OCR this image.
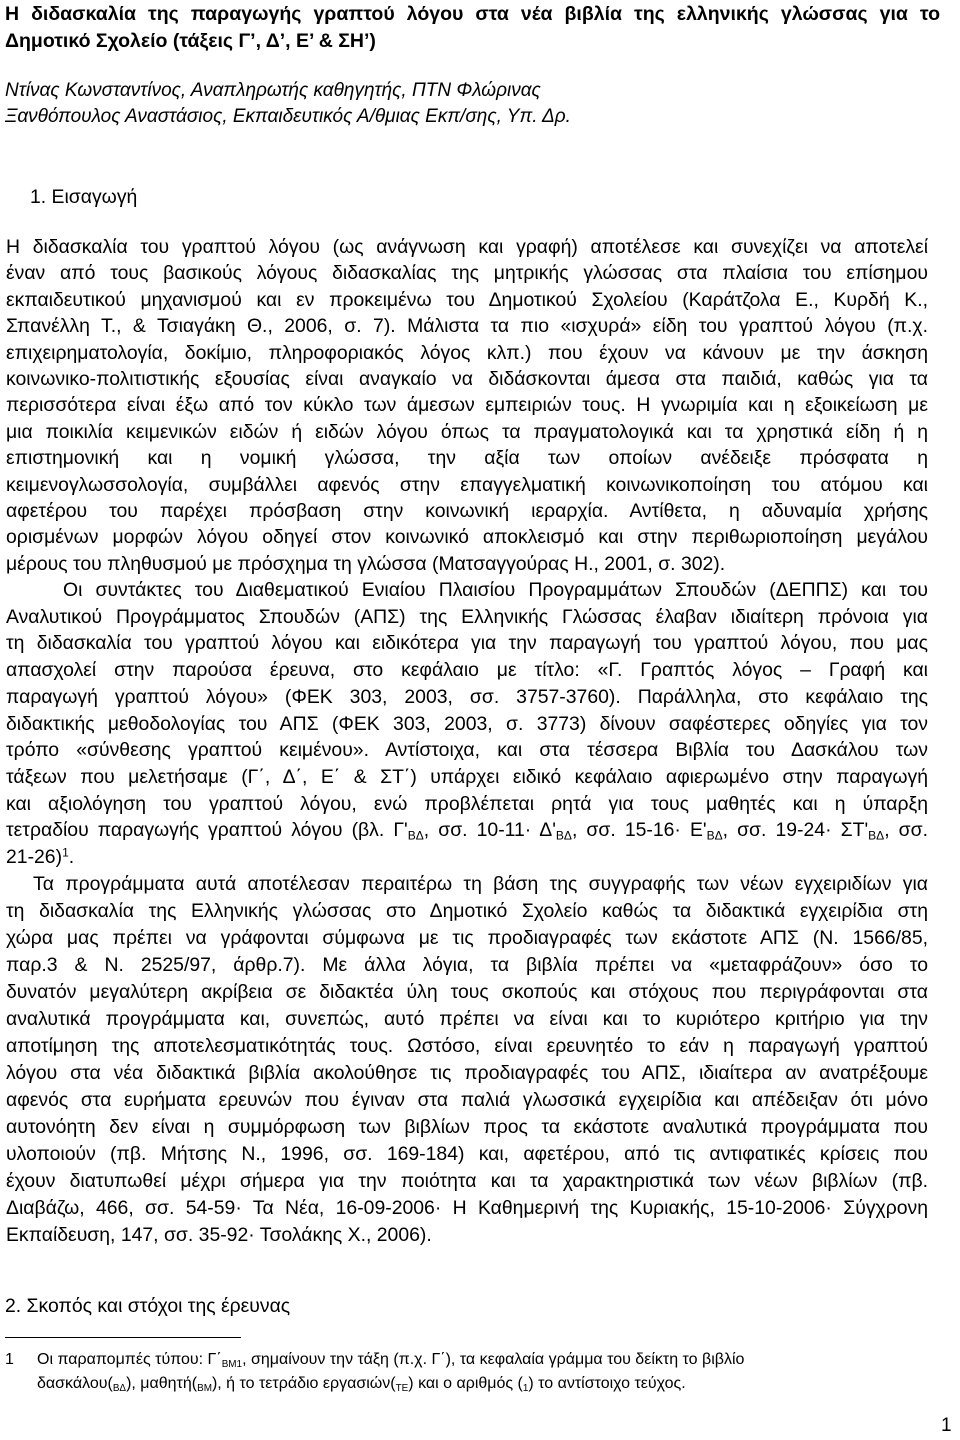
Η διδασκαλία της παραγωγής γραπτού λόγου στα νέα βιβλία της ελληνικής γλώσσας για το
Δημοτικό Σχολείο (τάξεις Γ’, Δ’, Ε’ & ΣΗ’)
Ντίνας Κωνσταντίνος, Αναπληρωτής καθηγητής, ΠΤΝ Φλώρινας
Ξανθόπουλος Αναστάσιος, Εκπαιδευτικός Α/θμιας Εκπ/σης, Υπ. Δρ.
1. Εισαγωγή
Η διδασκαλία του γραπτού λόγου (ως ανάγνωση και γραφή) αποτέλεσε και συνεχίζει να αποτελεί
έναν από τους βασικούς λόγους διδασκαλίας της μητρικής γλώσσας στα πλαίσια του επίσημου
εκπαιδευτικού μηχανισμού και εν προκειμένω του Δημοτικού Σχολείου (Καράτζολα Ε., Κυρδή Κ.,
Σπανέλλη Τ., & Τσιαγάκη Θ., 2006, σ. 7). Μάλιστα τα πιο «ισχυρά» είδη του γραπτού λόγου (π.χ.
επιχειρηματολογία, δοκίμιο, πληροφοριακός λόγος κλπ.) που έχουν να κάνουν με την άσκηση
κοινωνικο-πολιτιστικής εξουσίας είναι αναγκαίο να διδάσκονται άμεσα στα παιδιά, καθώς για τα
περισσότερα είναι έξω από τον κύκλο των άμεσων εμπειριών τους. Η γνωριμία και η εξοικείωση με
μια ποικιλία κειμενικών ειδών ή ειδών λόγου όπως τα πραγματολογικά και τα χρηστικά είδη ή η
επιστημονική και η νομική γλώσσα, την αξία των οποίων ανέδειξε πρόσφατα η
κειμενογλωσσολογία, συμβάλλει αφενός στην επαγγελματική κοινωνικοποίηση του ατόμου και
αφετέρου του παρέχει πρόσβαση στην κοινωνική ιεραρχία. Αντίθετα, η αδυναμία χρήσης
ορισμένων μορφών λόγου οδηγεί στον κοινωνικό αποκλεισμό και στην περιθωριοποίηση μεγάλου
μέρους του πληθυσμού με πρόσχημα τη γλώσσα (Ματσαγγούρας Η., 2001, σ. 302).
Οι συντάκτες του Διαθεματικού Ενιαίου Πλαισίου Προγραμμάτων Σπουδών (ΔΕΠΠΣ) και του
Αναλυτικού Προγράμματος Σπουδών (ΑΠΣ) της Ελληνικής Γλώσσας έλαβαν ιδιαίτερη πρόνοια για
τη διδασκαλία του γραπτού λόγου και ειδικότερα για την παραγωγή του γραπτού λόγου, που μας
απασχολεί στην παρούσα έρευνα, στο κεφάλαιο με τίτλο: «Γ. Γραπτός λόγος – Γραφή και
παραγωγή γραπτού λόγου» (ΦΕΚ 303, 2003, σσ. 3757-3760). Παράλληλα, στο κεφάλαιο της
διδακτικής μεθοδολογίας του ΑΠΣ (ΦΕΚ 303, 2003, σ. 3773) δίνουν σαφέστερες οδηγίες για τον
τρόπο «σύνθεσης γραπτού κειμένου». Αντίστοιχα, και στα τέσσερα Βιβλία του Δασκάλου των
τάξεων που μελετήσαμε (Γ΄, Δ΄, Ε΄ & ΣΤ΄) υπάρχει ειδικό κεφάλαιο αφιερωμένο στην παραγωγή
και αξιολόγηση του γραπτού λόγου, ενώ προβλέπεται ρητά για τους μαθητές και η ύπαρξη
τετραδίου παραγωγής γραπτού λόγου (βλ. $\Gamma'_{B\Delta}$, σσ. $10-11\cdot \Delta'_{B\Delta}$, σσ. $15-16\cdot E'_{B\Delta}$, σσ. $19-24\cdot \Sigma T'_{B\Delta}$, σσ.
21-26)$^1$.
Τα προγράμματα αυτά αποτέλεσαν περαιτέρω τη βάση της συγγραφής των νέων εγχειριδίων για
τη διδασκαλία της Ελληνικής γλώσσας στο Δημοτικό Σχολείο καθώς τα διδακτικά εγχειρίδια στη
χώρα μας πρέπει να γράφονται σύμφωνα με τις προδιαγραφές των εκάστοτε ΑΠΣ (Ν. 1566/85,
παρ.3 & Ν. 2525/97, άρθρ.7). Με άλλα λόγια, τα βιβλία πρέπει να «μεταφράζουν» όσο το
δυνατόν μεγαλύτερη ακρίβεια σε διδακτέα ύλη τους σκοπούς και στόχους που περιγράφονται στα
αναλυτικά προγράμματα και, συνεπώς, αυτό πρέπει να είναι και το κυριότερο κριτήριο για την
αποτίμηση της αποτελεσματικότητάς τους. Ωστόσο, είναι ερευνητέο το εάν η παραγωγή γραπτού
λόγου στα νέα διδακτικά βιβλία ακολούθησε τις προδιαγραφές του ΑΠΣ, ιδιαίτερα αν ανατρέξουμε
αφενός στα ευρήματα ερευνών που έγιναν στα παλιά γλωσσικά εγχειρίδια και απέδειξαν ότι μόνο
αυτονόητη δεν είναι η συμμόρφωση των βιβλίων προς τα εκάστοτε αναλυτικά προγράμματα που
υλοποιούν (πβ. Μήτσης Ν., 1996, σσ. 169-184) και, αφετέρου, από τις αντιφατικές κρίσεις που
έχουν διατυπωθεί μέχρι σήμερα για την ποιότητα και τα χαρακτηριστικά των νέων βιβλίων (πβ.
Διαβάζω, 466, σσ. 54-59· Τα Νέα, 16-09-2006· Η Καθημερινή της Κυριακής, 15-10-2006· Σύγχρονη
Εκπαίδευση, 147, σσ. 35-92· Τσολάκης Χ., 2006).
2. Σκοπός και στόχοι της έρευνας
1 Οι παραπομπές τύπου: $\Gamma΄_{BM1}$, σημαίνουν την τάξη (π.χ. Γ΄), τα κεφαλαία γράμμα του δείκτη το βιβλίο
$\delta\alpha\sigma\kappa ά\lambda o\upsilon(_{B\Delta})$, $\mu\alpha\theta\eta\tau ή(_{BM})$, ή το τετράδιο $\varepsilon\rho\gamma\alpha\sigma\iota ώ\nu(_{TE})$ και ο αριθμός $(_1)$ το αντίστοιχο τεύχος.
1
